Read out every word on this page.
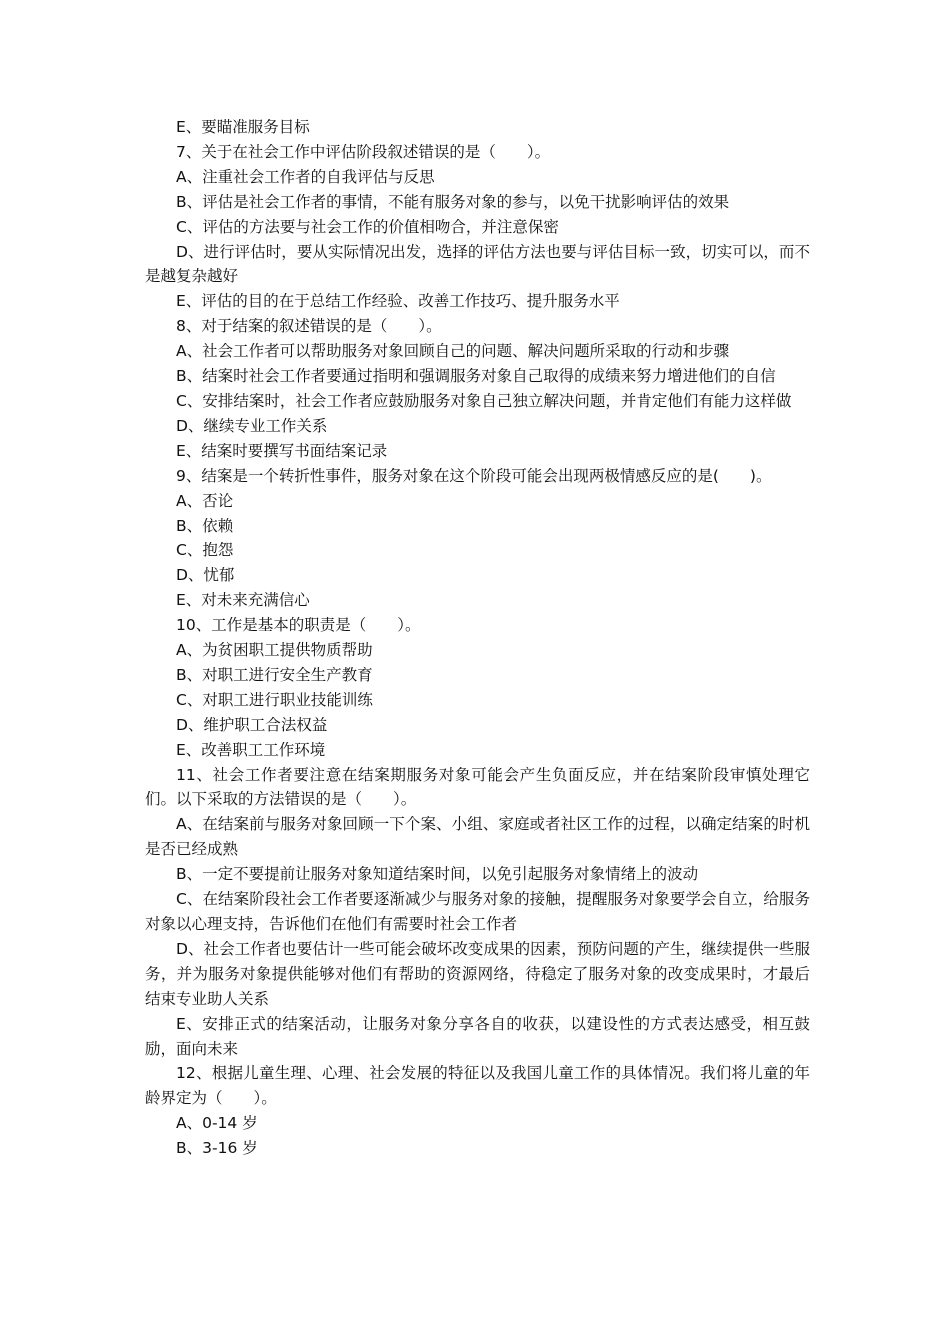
E、要瞄准服务目标

7、关于在社会工作中评估阶段叙述错误的是（　　）。

A、注重社会工作者的自我评估与反思

B、评估是社会工作者的事情，不能有服务对象的参与，以免干扰影响评估的效果

C、评估的方法要与社会工作的价值相吻合，并注意保密

D、进行评估时，要从实际情况出发，选择的评估方法也要与评估目标一致，切实可以，而不是越复杂越好

E、评估的目的在于总结工作经验、改善工作技巧、提升服务水平

8、对于结案的叙述错误的是（　　）。

A、社会工作者可以帮助服务对象回顾自己的问题、解决问题所采取的行动和步骤

B、结案时社会工作者要通过指明和强调服务对象自己取得的成绩来努力增进他们的自信

C、安排结案时，社会工作者应鼓励服务对象自己独立解决问题，并肯定他们有能力这样做

D、继续专业工作关系

E、结案时要撰写书面结案记录

9、结案是一个转折性事件，服务对象在这个阶段可能会出现两极情感反应的是(　　)。

A、否论

B、依赖

C、抱怨

D、忧郁

E、对未来充满信心

10、工作是基本的职责是（　　）。

A、为贫困职工提供物质帮助

B、对职工进行安全生产教育

C、对职工进行职业技能训练

D、维护职工合法权益

E、改善职工工作环境

11、社会工作者要注意在结案期服务对象可能会产生负面反应，并在结案阶段审慎处理它们。以下采取的方法错误的是（　　）。

A、在结案前与服务对象回顾一下个案、小组、家庭或者社区工作的过程，以确定结案的时机是否已经成熟

B、一定不要提前让服务对象知道结案时间，以免引起服务对象情绪上的波动

C、在结案阶段社会工作者要逐渐减少与服务对象的接触，提醒服务对象要学会自立，给服务对象以心理支持，告诉他们在他们有需要时社会工作者

D、社会工作者也要估计一些可能会破坏改变成果的因素，预防问题的产生，继续提供一些服务，并为服务对象提供能够对他们有帮助的资源网络，待稳定了服务对象的改变成果时，才最后结束专业助人关系

E、安排正式的结案活动，让服务对象分享各自的收获，以建设性的方式表达感受，相互鼓励，面向未来

12、根据儿童生理、心理、社会发展的特征以及我国儿童工作的具体情况。我们将儿童的年龄界定为（　　）。

A、0-14 岁

B、3-16 岁
